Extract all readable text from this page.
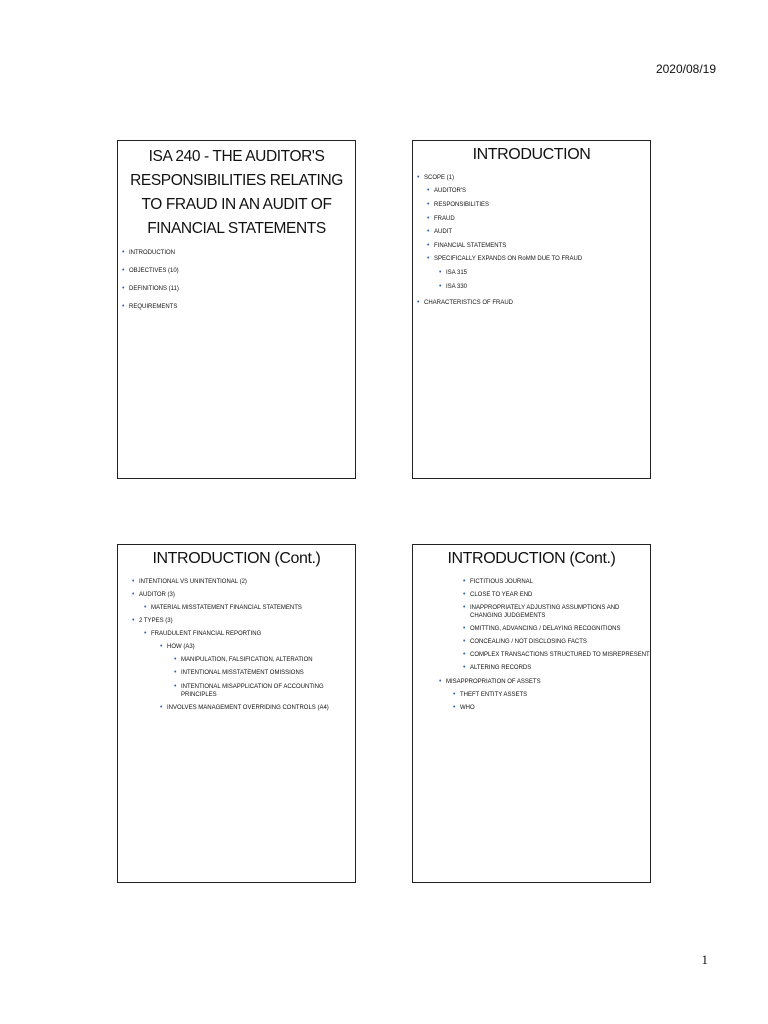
2020/08/19
ISA 240 - THE AUDITOR'S RESPONSIBILITIES RELATING TO FRAUD IN AN AUDIT OF FINANCIAL STATEMENTS
• INTRODUCTION
• OBJECTIVES (10)
• DEFINITIONS (11)
• REQUIREMENTS
INTRODUCTION
• SCOPE (1)
• AUDITOR'S
• RESPONSIBILITIES
• FRAUD
• AUDIT
• FINANCIAL STATEMENTS
• SPECIFICALLY EXPANDS ON RoMM DUE TO FRAUD
• ISA 315
• ISA 330
• CHARACTERISTICS OF FRAUD
INTRODUCTION (Cont.)
• INTENTIONAL VS UNINTENTIONAL (2)
• AUDITOR (3)
• MATERIAL MISSTATEMENT FINANCIAL STATEMENTS
• 2 TYPES (3)
• FRAUDULENT FINANCIAL REPORTING
• HOW (A3)
• MANIPULATION, FALSIFICATION, ALTERATION
• INTENTIONAL MISSTATEMENT OMISSIONS
• INTENTIONAL MISAPPLICATION OF ACCOUNTING PRINCIPLES
• INVOLVES MANAGEMENT OVERRIDING CONTROLS (A4)
INTRODUCTION (Cont.)
• FICTITIOUS JOURNAL
• CLOSE TO YEAR END
• INAPPROPRIATELY ADJUSTING ASSUMPTIONS AND CHANGING JUDGEMENTS
• OMITTING, ADVANCING / DELAYING RECOGNITIONS
• CONCEALING / NOT DISCLOSING FACTS
• COMPLEX TRANSACTIONS STRUCTURED TO MISREPRESENT
• ALTERING RECORDS
• MISAPPROPRIATION OF ASSETS
• THEFT ENTITY ASSETS
• WHO
1
